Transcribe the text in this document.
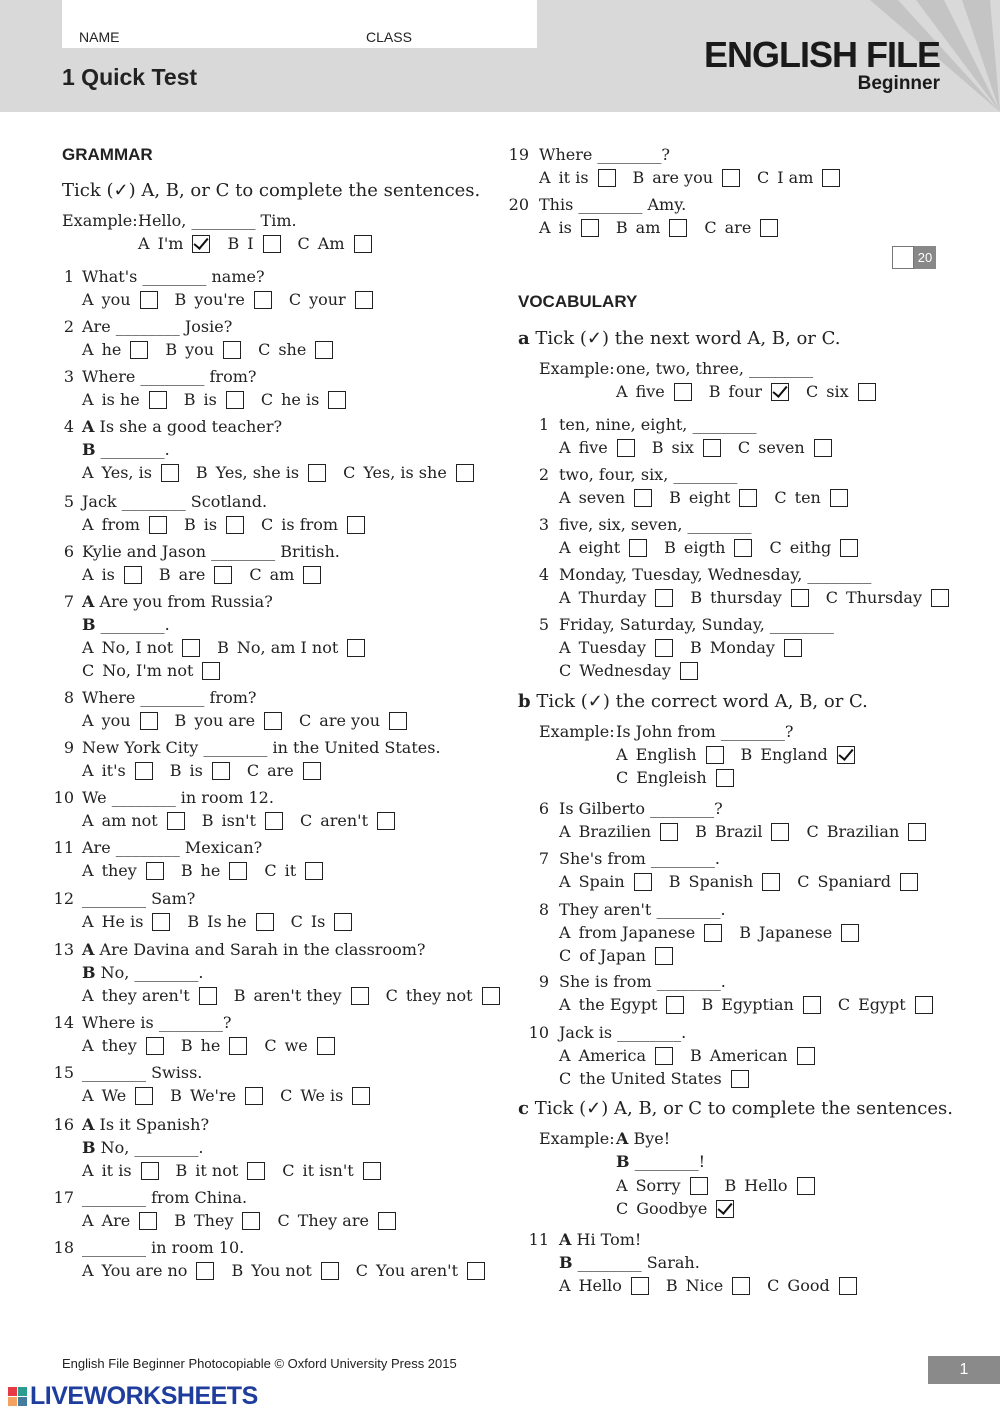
NAME	CLASS
1 Quick Test
ENGLISH FILE
Beginner
GRAMMAR
Tick (✓) A, B, or C to complete the sentences.
Example: Hello, ________ Tim.
A I'm	B I	C Am
1 What's ________ name?
A you	B you're	C your
2 Are ________ Josie?
A he	B you	C she
3 Where ________ from?
A is he	B is	C he is
4 A Is she a good teacher?
B ________.
A Yes, is	B Yes, she is	C Yes, is she
5 Jack ________ Scotland.
A from	B is	C is from
6 Kylie and Jason ________ British.
A is	B are	C am
7 A Are you from Russia?
B ________.
A No, I not	B No, am I not
C No, I'm not
8 Where ________ from?
A you	B you are	C are you
9 New York City ________ in the United States.
A it's	B is	C are
10 We ________ in room 12.
A am not	B isn't	C aren't
11 Are ________ Mexican?
A they	B he	C it
12 ________ Sam?
A He is	B Is he	C Is
13 A Are Davina and Sarah in the classroom?
B No, ________.
A they aren't	B aren't they	C they not
14 Where is ________?
A they	B he	C we
15 ________ Swiss.
A We	B We're	C We is
16 A Is it Spanish?
B No, ________.
A it is	B it not	C it isn't
17 ________ from China.
A Are	B They	C They are
18 ________ in room 10.
A You are no	B You not	C You aren't
19 Where ________?
A it is	B are you	C I am
20 This ________ Amy.
A is	B am	C are
VOCABULARY
a Tick (✓) the next word A, B, or C.
Example: one, two, three, ________
A five	B four	C six
1 ten, nine, eight, ________
A five	B six	C seven
2 two, four, six, ________
A seven	B eight	C ten
3 five, six, seven, ________
A eight	B eigth	C eithg
4 Monday, Tuesday, Wednesday, ________
A Thurday	B thursday	C Thursday
5 Friday, Saturday, Sunday, ________
A Tuesday	B Monday
C Wednesday
b Tick (✓) the correct word A, B, or C.
Example: Is John from ________?
A English	B England
C Engleish
6 Is Gilberto ________?
A Brazilien	B Brazil	C Brazilian
7 She's from ________.
A Spain	B Spanish	C Spaniard
8 They aren't ________.
A from Japanese	B Japanese
C of Japan
9 She is from ________.
A the Egypt	B Egyptian	C Egypt
10 Jack is ________.
A America	B American
C the United States
c Tick (✓) A, B, or C to complete the sentences.
Example: A Bye!
B ________!
A Sorry	B Hello
C Goodbye
11 A Hi Tom!
B ________ Sarah.
A Hello	B Nice	C Good
20
English File Beginner Photocopiable © Oxford University Press 2015	1
LIVEWORKSHEETS
